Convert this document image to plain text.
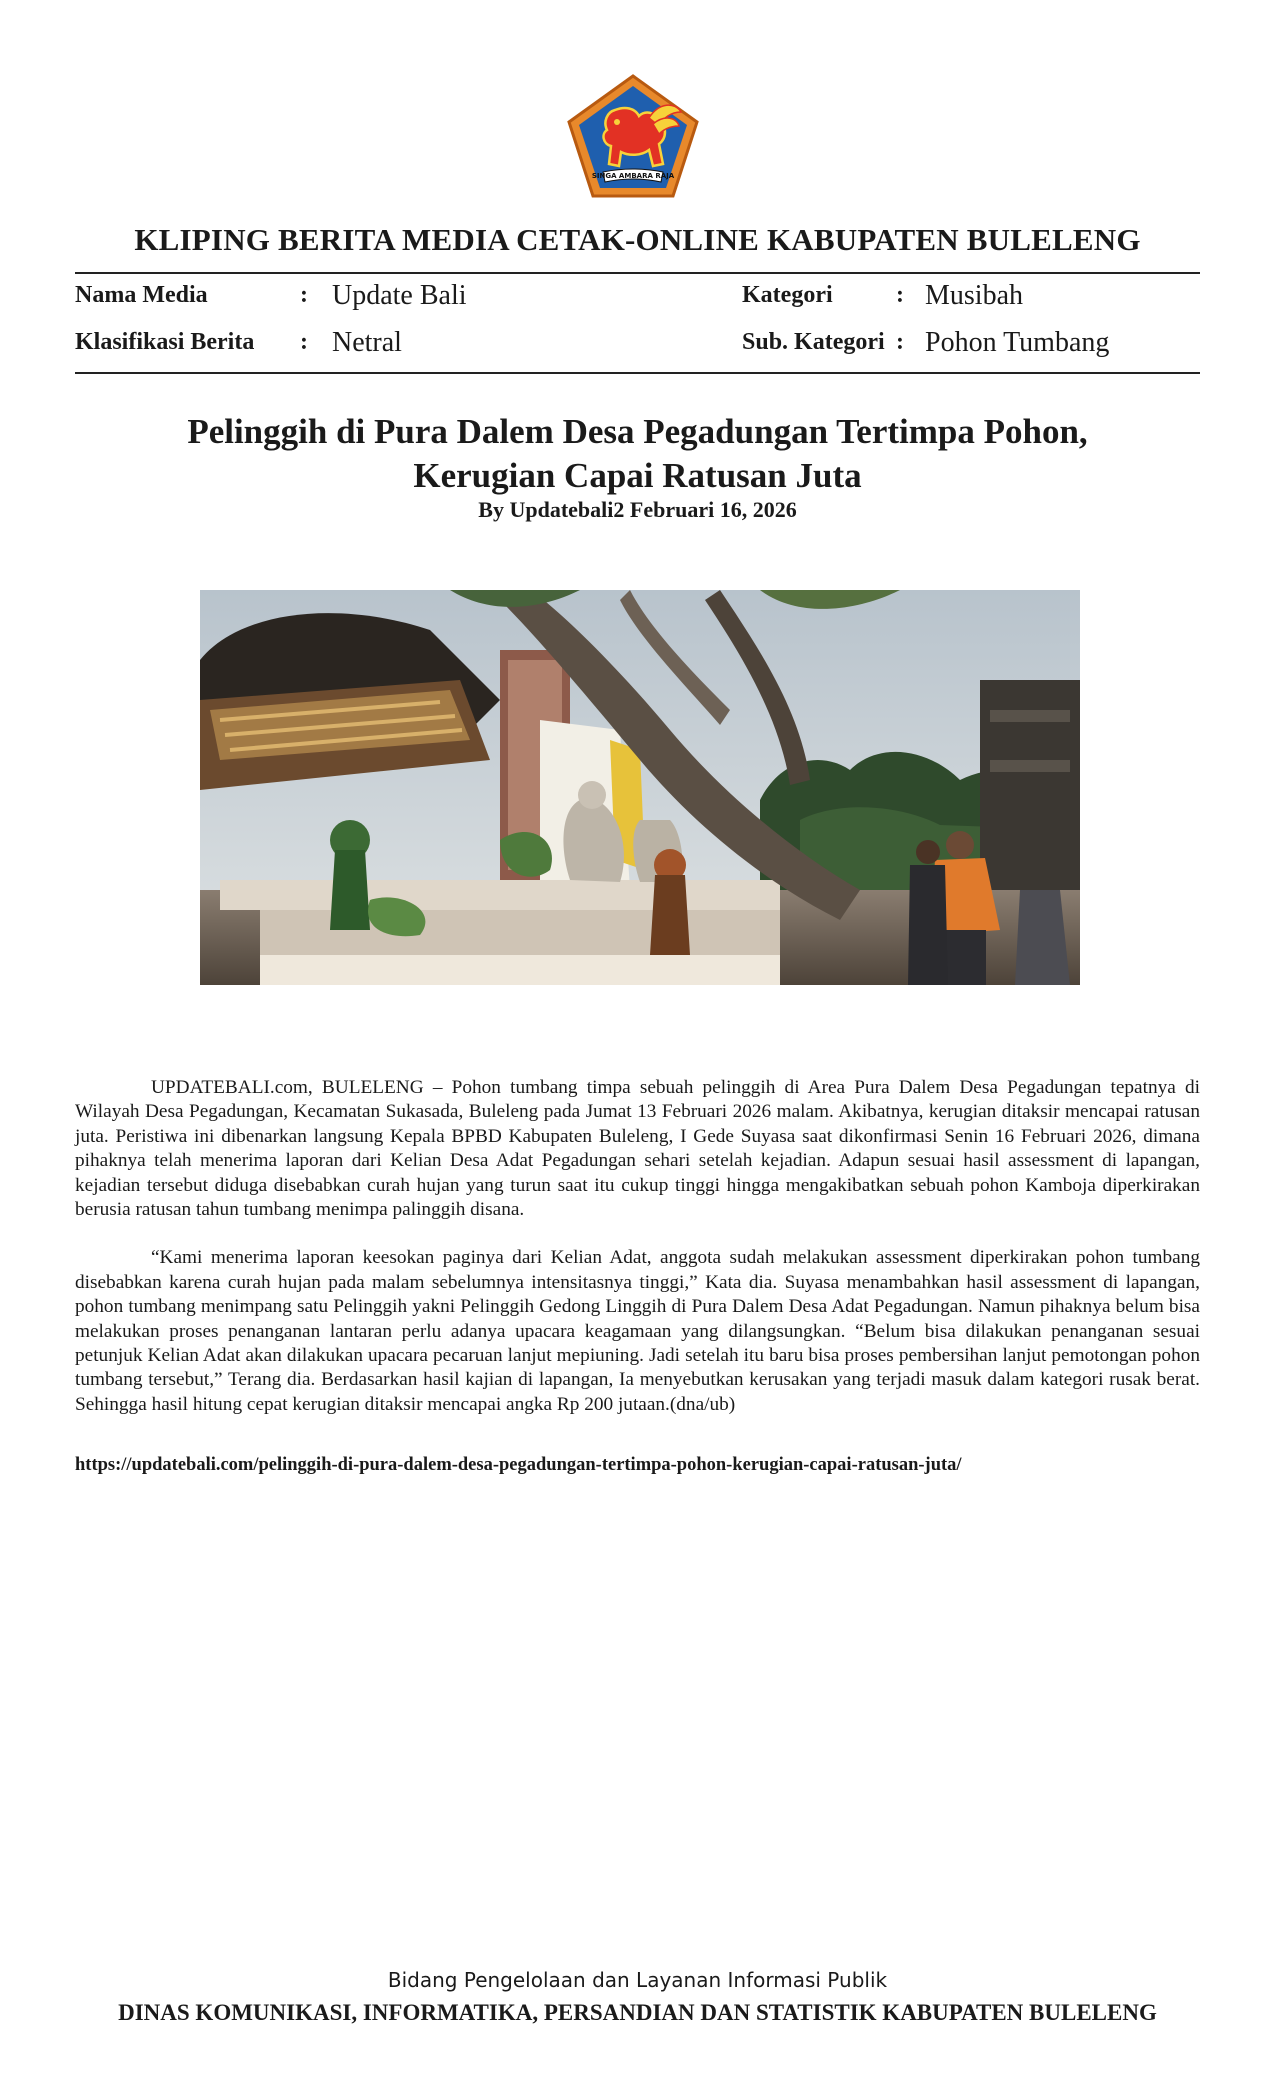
SINGA AMBARA RAJA
KLIPING BERITA MEDIA CETAK-ONLINE KABUPATEN BULELENG
Nama Media	: Update Bali
Klasifikasi Berita : Netral
Kategori	: Musibah
Sub. Kategori : Pohon Tumbang
Pelinggih di Pura Dalem Desa Pegadungan Tertimpa Pohon,
Kerugian Capai Ratusan Juta
By Updatebali2 Februari 16, 2026

UPDATEBALI.com, BULELENG – Pohon tumbang timpa sebuah pelinggih di Area Pura Dalem Desa Pegadungan tepatnya di Wilayah Desa Pegadungan, Kecamatan Sukasada, Buleleng pada Jumat 13 Februari 2026 malam. Akibatnya, kerugian ditaksir mencapai ratusan juta. Peristiwa ini dibenarkan langsung Kepala BPBD Kabupaten Buleleng, I Gede Suyasa saat dikonfirmasi Senin 16 Februari 2026, dimana pihaknya telah menerima laporan dari Kelian Desa Adat Pegadungan sehari setelah kejadian. Adapun sesuai hasil assessment di lapangan, kejadian tersebut diduga disebabkan curah hujan yang turun saat itu cukup tinggi hingga mengakibatkan sebuah pohon Kamboja diperkirakan berusia ratusan tahun tumbang menimpa palinggih disana.

“Kami menerima laporan keesokan paginya dari Kelian Adat, anggota sudah melakukan assessment diperkirakan pohon tumbang disebabkan karena curah hujan pada malam sebelumnya intensitasnya tinggi,” Kata dia. Suyasa menambahkan hasil assessment di lapangan, pohon tumbang menimpang satu Pelinggih yakni Pelinggih Gedong Linggih di Pura Dalem Desa Adat Pegadungan. Namun pihaknya belum bisa melakukan proses penanganan lantaran perlu adanya upacara keagamaan yang dilangsungkan. “Belum bisa dilakukan penanganan sesuai petunjuk Kelian Adat akan dilakukan upacara pecaruan lanjut mepiuning. Jadi setelah itu baru bisa proses pembersihan lanjut pemotongan pohon tumbang tersebut,” Terang dia. Berdasarkan hasil kajian di lapangan, Ia menyebutkan kerusakan yang terjadi masuk dalam kategori rusak berat. Sehingga hasil hitung cepat kerugian ditaksir mencapai angka Rp 200 jutaan.(dna/ub)

https://updatebali.com/pelinggih-di-pura-dalem-desa-pegadungan-tertimpa-pohon-kerugian-capai-ratusan-juta/
Bidang Pengelolaan dan Layanan Informasi Publik
DINAS KOMUNIKASI, INFORMATIKA, PERSANDIAN DAN STATISTIK KABUPATEN BULELENG
